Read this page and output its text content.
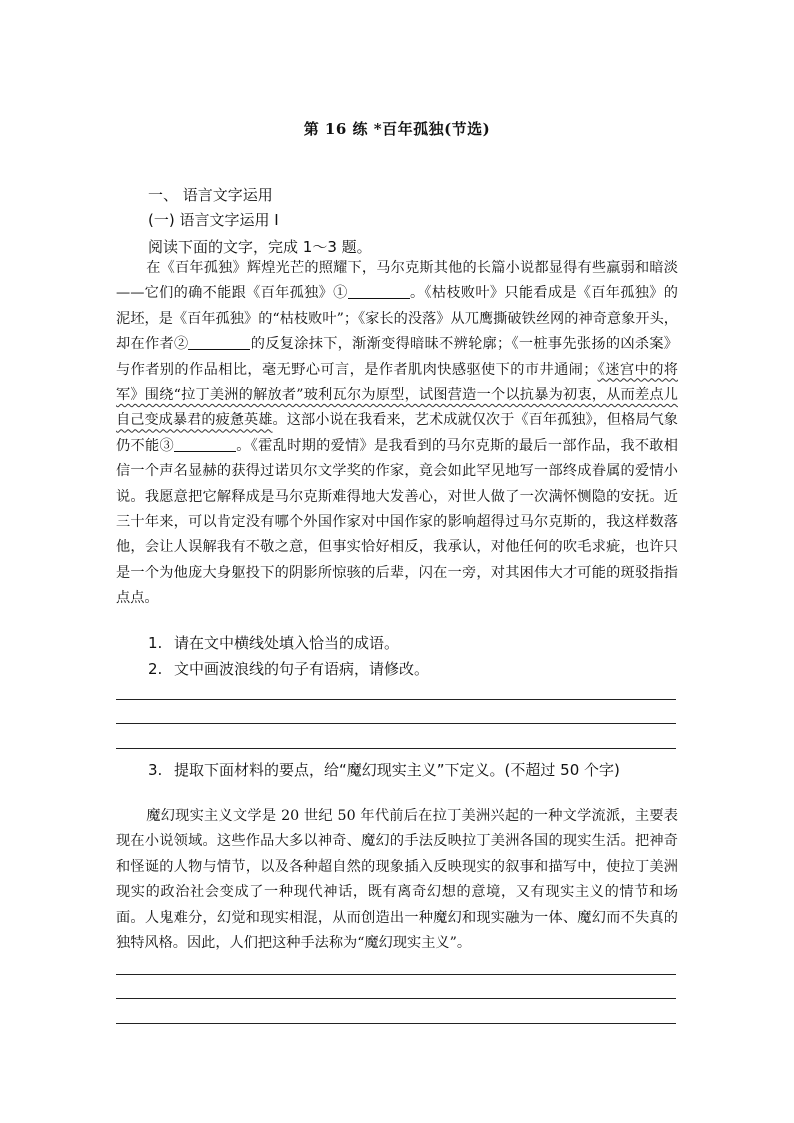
第 16 练 *百年孤独(节选)
一、 语言文字运用
(一) 语言文字运用 Ⅰ
阅读下面的文字，完成 1～3 题。
在《百年孤独》辉煌光芒的照耀下，马尔克斯其他的长篇小说都显得有些羸弱和暗淡——它们的确不能跟《百年孤独》①	。《枯枝败叶》只能看成是《百年孤独》的泥坯，是《百年孤独》的“枯枝败叶”；《家长的没落》从兀鹰撕破铁丝网的神奇意象开头，却在作者②	的反复涂抹下，渐渐变得暗昧不辨轮廓；《一桩事先张扬的凶杀案》与作者别的作品相比，毫无野心可言，是作者肌肉快感驱使下的市井通闹；《迷宫中的将军》围绕“拉丁美洲的解放者”玻利瓦尔为原型，试图营造一个以抗暴为初衷，从而差点儿自己变成暴君的疲惫英雄。这部小说在我看来，艺术成就仅次于《百年孤独》，但格局气象仍不能③	。《霍乱时期的爱情》是我看到的马尔克斯的最后一部作品，我不敢相信一个声名显赫的获得过诺贝尔文学奖的作家，竟会如此罕见地写一部终成眷属的爱情小说。我愿意把它解释成是马尔克斯难得地大发善心，对世人做了一次满怀恻隐的安抚。近三十年来，可以肯定没有哪个外国作家对中国作家的影响超得过马尔克斯的，我这样数落他，会让人误解我有不敬之意，但事实恰好相反，我承认，对他任何的吹毛求疵，也许只是一个为他庞大身躯投下的阴影所惊骇的后辈，闪在一旁，对其困伟大才可能的斑驳指指点点。
1. 请在文中横线处填入恰当的成语。
2. 文中画波浪线的句子有语病，请修改。
3. 提取下面材料的要点，给“魔幻现实主义”下定义。(不超过 50 个字)
魔幻现实主义文学是 20 世纪 50 年代前后在拉丁美洲兴起的一种文学流派，主要表现在小说领域。这些作品大多以神奇、魔幻的手法反映拉丁美洲各国的现实生活。把神奇和怪诞的人物与情节，以及各种超自然的现象插入反映现实的叙事和描写中，使拉丁美洲现实的政治社会变成了一种现代神话，既有离奇幻想的意境，又有现实主义的情节和场面。人鬼难分，幻觉和现实相混，从而创造出一种魔幻和现实融为一体、魔幻而不失真的独特风格。因此，人们把这种手法称为“魔幻现实主义”。
